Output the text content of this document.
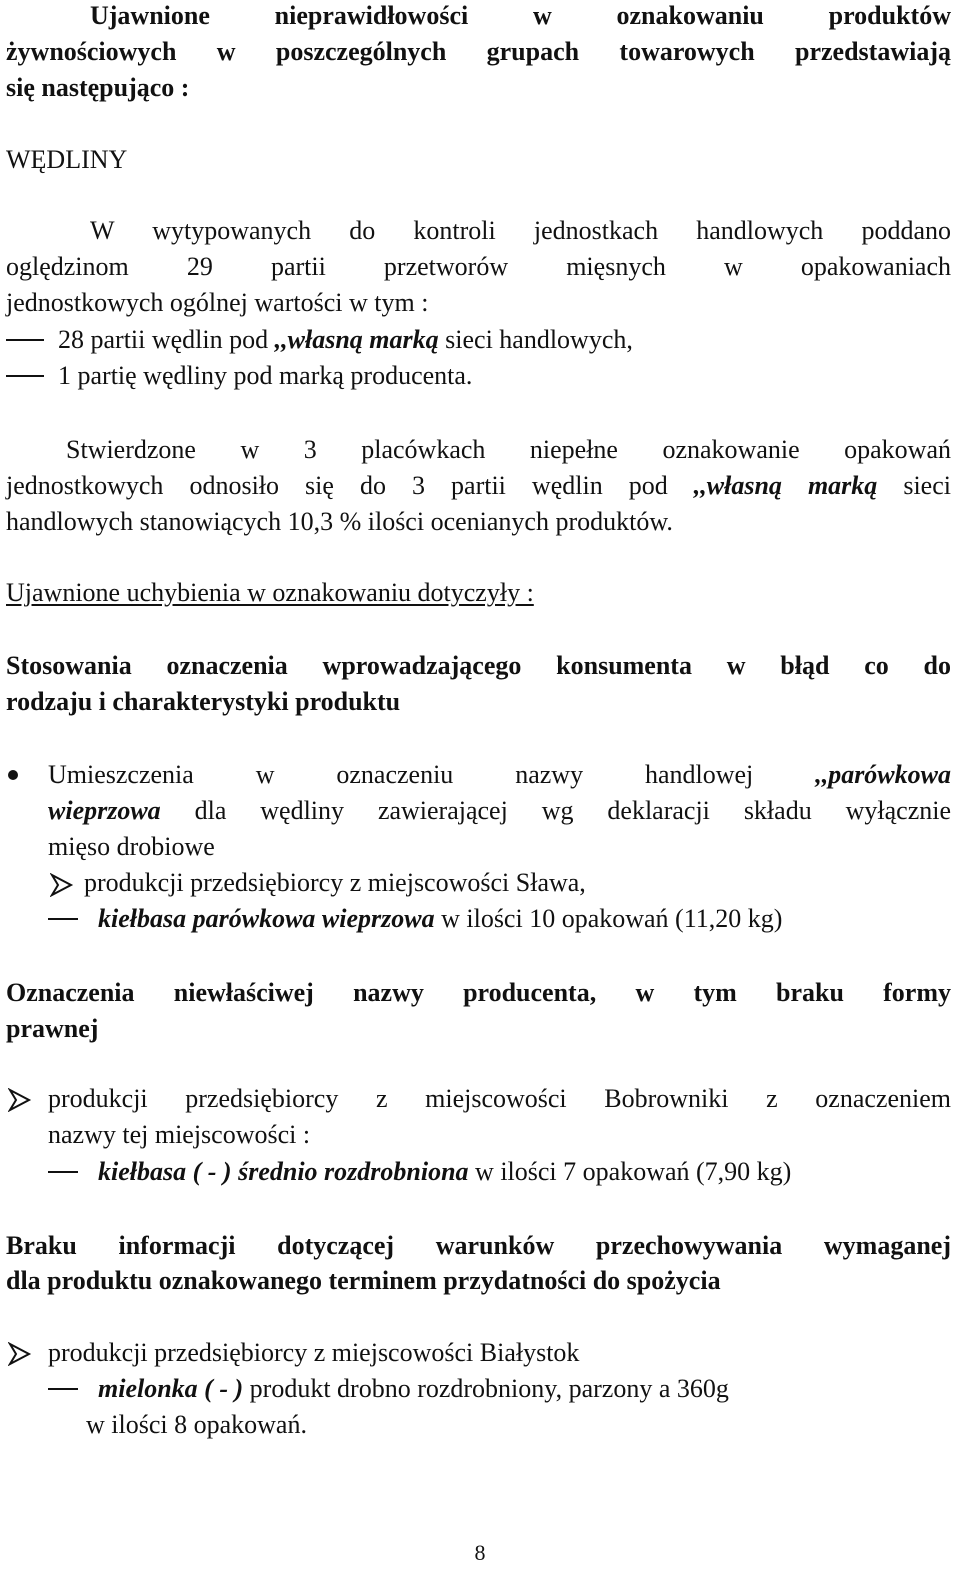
Ujawnione nieprawidłowości w oznakowaniu produktów
żywnościowych w poszczególnych grupach towarowych przedstawiają
się następująco :
WĘDLINY
W wytypowanych do kontroli jednostkach handlowych poddano
oględzinom 29 partii przetworów mięsnych w opakowaniach
jednostkowych ogólnej wartości w tym :
28 partii wędlin pod ,,własną marką sieci handlowych,
1 partię wędliny pod marką producenta.
Stwierdzone w 3 placówkach niepełne oznakowanie opakowań
jednostkowych odnosiło się do 3 partii wędlin pod ,,własną marką sieci
handlowych stanowiących 10,3 % ilości ocenianych produktów.
Ujawnione uchybienia w oznakowaniu dotyczyły :
Stosowania oznaczenia wprowadzającego konsumenta w błąd co do
rodzaju i charakterystyki produktu
Umieszczenia w oznaczeniu nazwy handlowej ,,parówkowa
wieprzowa dla wędliny zawierającej wg deklaracji składu wyłącznie
mięso drobiowe
produkcji przedsiębiorcy z miejscowości Sława,
kiełbasa parówkowa wieprzowa w ilości 10 opakowań (11,20 kg)
Oznaczenia niewłaściwej nazwy producenta, w tym braku formy
prawnej
produkcji przedsiębiorcy z miejscowości Bobrowniki z oznaczeniem
nazwy tej miejscowości :
kiełbasa ( - ) średnio rozdrobniona w ilości 7 opakowań (7,90 kg)
Braku informacji dotyczącej warunków przechowywania wymaganej
dla produktu oznakowanego terminem przydatności do spożycia
produkcji przedsiębiorcy z miejscowości Białystok
mielonka ( - ) produkt drobno rozdrobniony, parzony a 360g
w ilości 8 opakowań.
8
